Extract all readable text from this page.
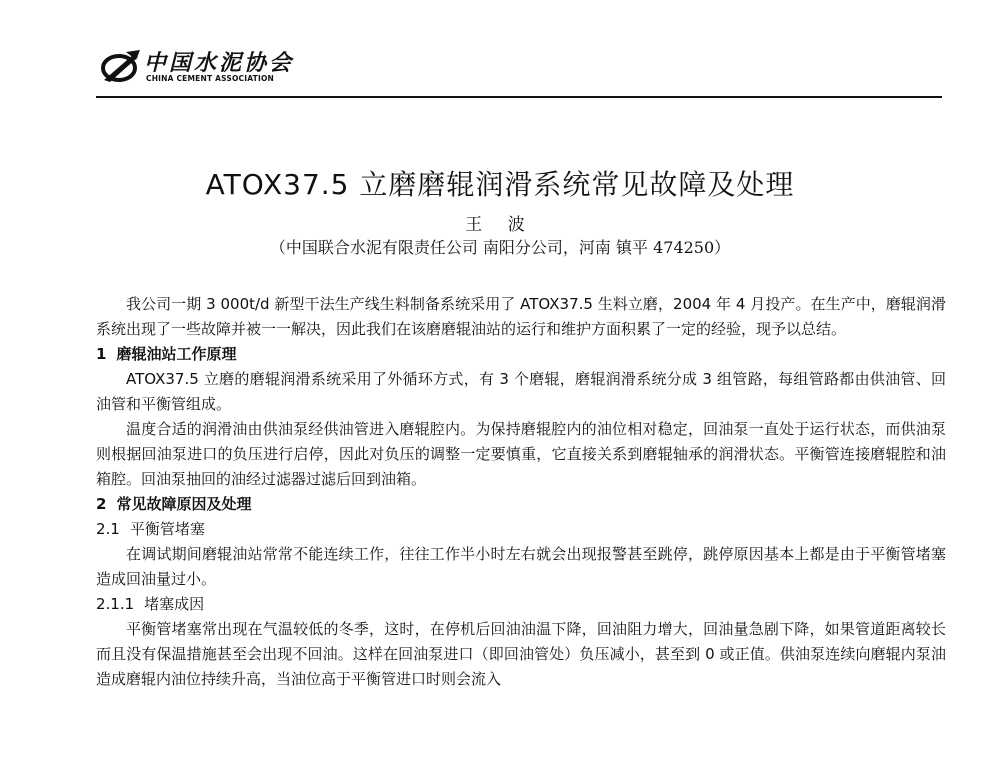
中国水泥协会
CHINA CEMENT ASSOCIATION
ATOX37.5 立磨磨辊润滑系统常见故障及处理
王 波
（中国联合水泥有限责任公司 南阳分公司，河南 镇平 474250）

我公司一期 3 000t/d 新型干法生产线生料制备系统采用了 ATOX37.5 生料立磨，2004 年 4 月投产。在生产中，磨辊润滑系统出现了一些故障并被一一解决，因此我们在该磨磨辊油站的运行和维护方面积累了一定的经验，现予以总结。

1 磨辊油站工作原理

ATOX37.5 立磨的磨辊润滑系统采用了外循环方式，有 3 个磨辊，磨辊润滑系统分成 3 组管路，每组管路都由供油管、回油管和平衡管组成。

温度合适的润滑油由供油泵经供油管进入磨辊腔内。为保持磨辊腔内的油位相对稳定，回油泵一直处于运行状态，而供油泵则根据回油泵进口的负压进行启停，因此对负压的调整一定要慎重，它直接关系到磨辊轴承的润滑状态。平衡管连接磨辊腔和油箱腔。回油泵抽回的油经过滤器过滤后回到油箱。

2 常见故障原因及处理
2.1 平衡管堵塞

在调试期间磨辊油站常常不能连续工作，往往工作半小时左右就会出现报警甚至跳停，跳停原因基本上都是由于平衡管堵塞造成回油量过小。

2.1.1 堵塞成因

平衡管堵塞常出现在气温较低的冬季，这时，在停机后回油油温下降，回油阻力增大，回油量急剧下降，如果管道距离较长而且没有保温措施甚至会出现不回油。这样在回油泵进口（即回油管处）负压减小，甚至到 0 或正值。供油泵连续向磨辊内泵油造成磨辊内油位持续升高，当油位高于平衡管进口时则会流入
